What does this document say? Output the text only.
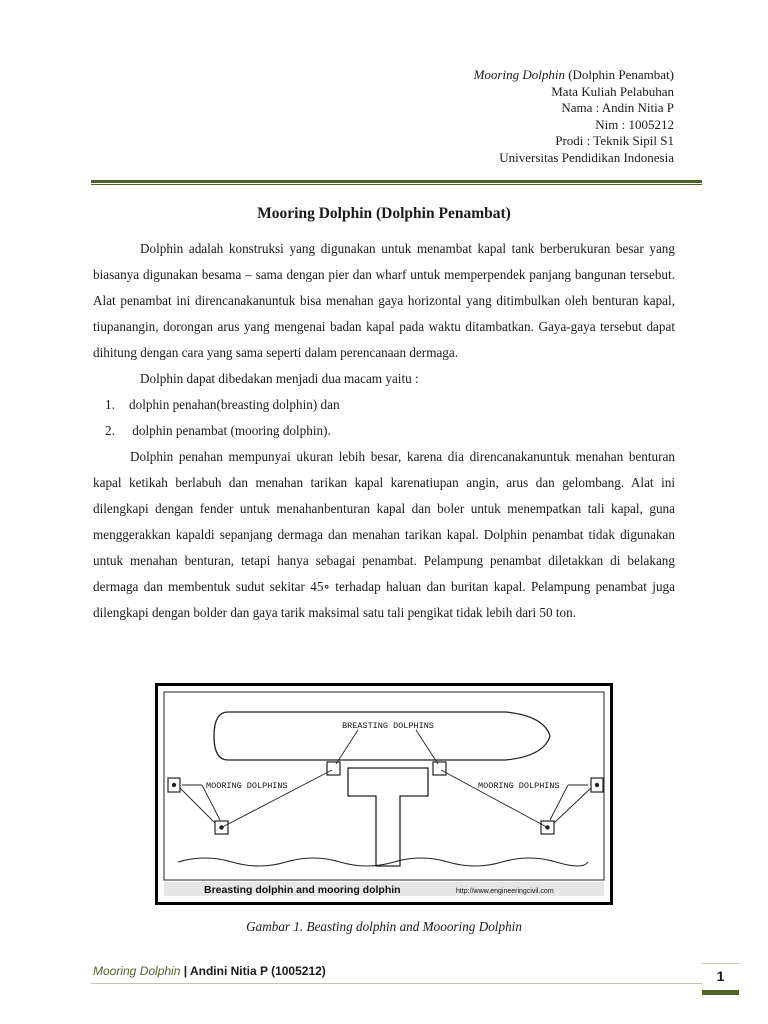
Mooring Dolphin (Dolphin Penambat)
Mata Kuliah Pelabuhan
Nama : Andin Nitia P
Nim : 1005212
Prodi : Teknik Sipil S1
Universitas Pendidikan Indonesia
Mooring Dolphin (Dolphin Penambat)

Dolphin adalah konstruksi yang digunakan untuk menambat kapal tank berberukuran besar yang biasanya digunakan besama – sama dengan pier dan wharf untuk memperpendek panjang bangunan tersebut. Alat penambat ini direncanakanuntuk bisa menahan gaya horizontal yang ditimbulkan oleh benturan kapal, tiupanangin, dorongan arus yang mengenai badan kapal pada waktu ditambatkan. Gaya-gaya tersebut dapat dihitung dengan cara yang sama seperti dalam perencanaan dermaga.

Dolphin dapat dibedakan menjadi dua macam yaitu :

1. dolphin penahan(breasting dolphin) dan
2. dolphin penambat (mooring dolphin).

Dolphin penahan mempunyai ukuran lebih besar, karena dia direncanakanuntuk menahan benturan kapal ketikah berlabuh dan menahan tarikan kapal karenatiupan angin, arus dan gelombang. Alat ini dilengkapi dengan fender untuk menahanbenturan kapal dan boler untuk menempatkan tali kapal, guna menggerakkan kapaldi sepanjang dermaga dan menahan tarikan kapal. Dolphin penambat tidak digunakan untuk menahan benturan, tetapi hanya sebagai penambat. Pelampung penambat diletakkan di belakang dermaga dan membentuk sudut sekitar 45∘ terhadap haluan dan buritan kapal. Pelampung penambat juga dilengkapi dengan bolder dan gaya tarik maksimal satu tali pengikat tidak lebih dari 50 ton.

BREASTING DOLPHINS
MOORING DOLPHINS	MOORING DOLPHINS
Breasting dolphin and mooring dolphin	http://www.engineeringcivil.com
Gambar 1. Beasting dolphin and Moooring Dolphin
Mooring Dolphin | Andini Nitia P (1005212)	1
